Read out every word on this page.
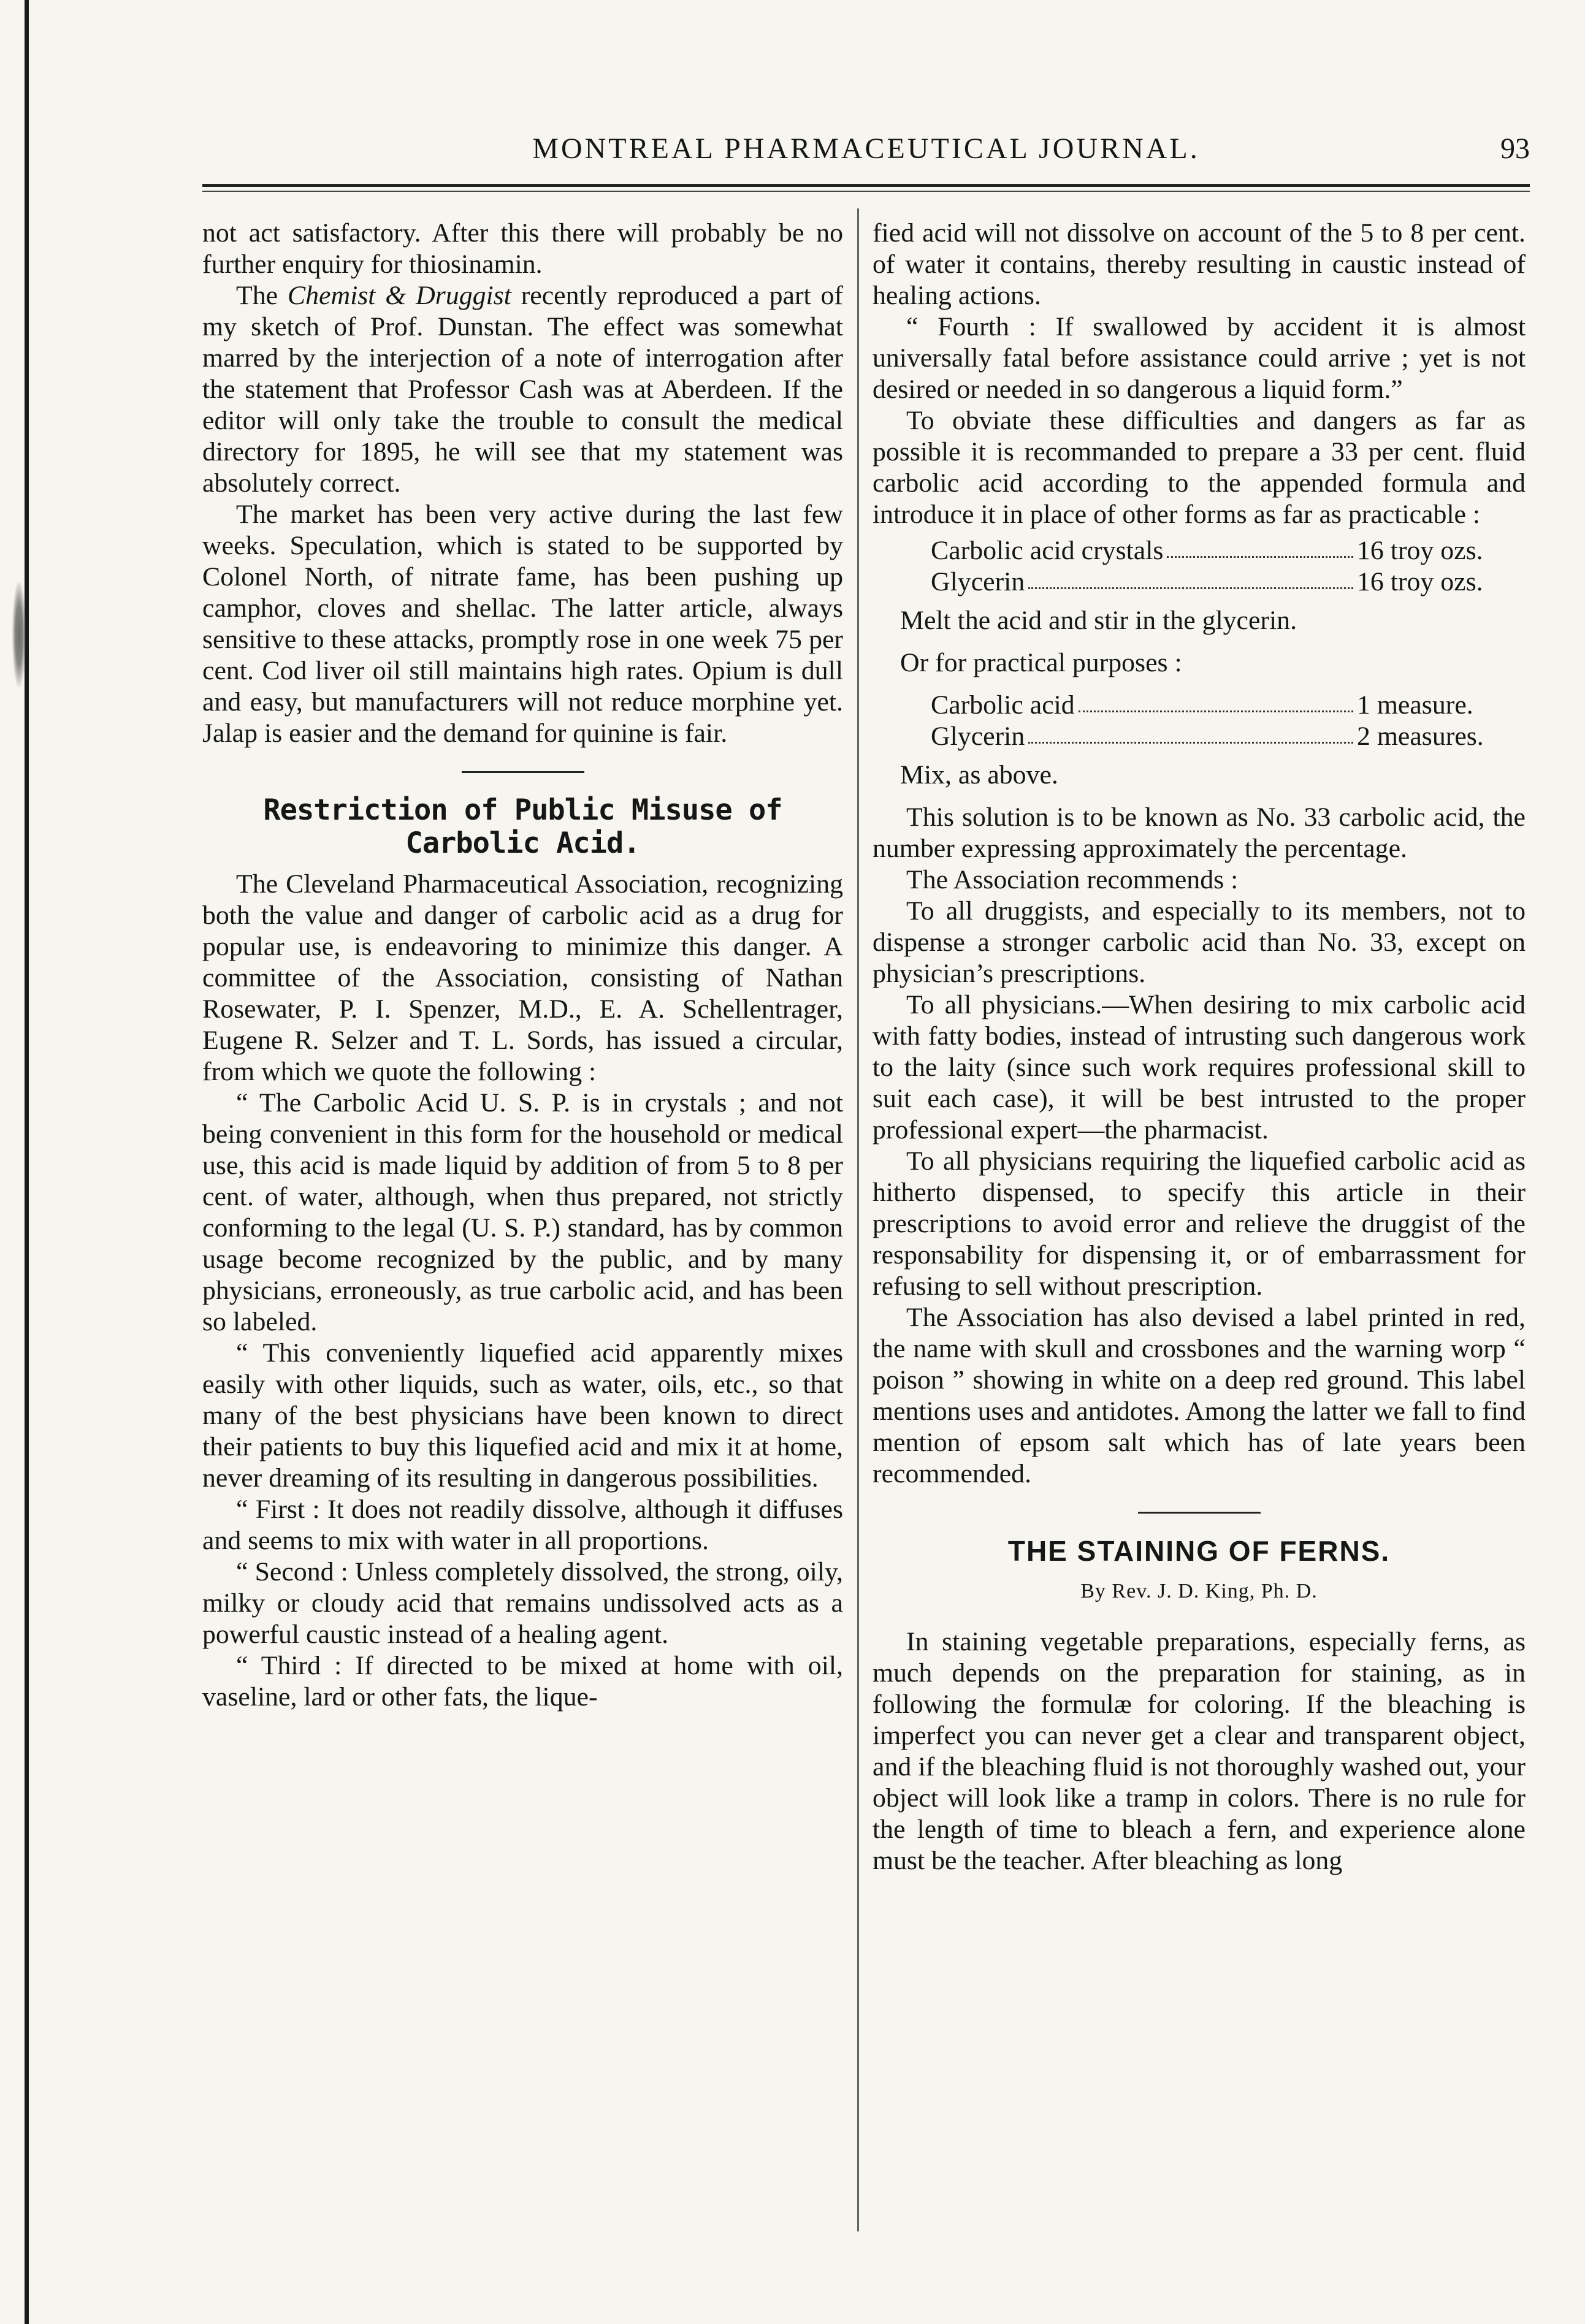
MONTREAL PHARMACEUTICAL JOURNAL.	93

not act satisfactory. After this there will probably be no further enquiry for thiosinamin.

The Chemist & Druggist recently reproduced a part of my sketch of Prof. Dunstan. The effect was somewhat marred by the interjection of a note of interrogation after the statement that Professor Cash was at Aberdeen. If the editor will only take the trouble to consult the medical directory for 1895, he will see that my statement was absolutely correct.

The market has been very active during the last few weeks. Speculation, which is stated to be supported by Colonel North, of nitrate fame, has been pushing up camphor, cloves and shellac. The latter article, always sensitive to these attacks, promptly rose in one week 75 per cent. Cod liver oil still maintains high rates. Opium is dull and easy, but manufacturers will not reduce morphine yet. Jalap is easier and the demand for quinine is fair.

Restriction of Public Misuse of Carbolic Acid.

The Cleveland Pharmaceutical Association, recognizing both the value and danger of carbolic acid as a drug for popular use, is endeavoring to minimize this danger. A committee of the Association, consisting of Nathan Rosewater, P. I. Spenzer, M.D., E. A. Schellentrager, Eugene R. Selzer and T. L. Sords, has issued a circular, from which we quote the following :

“ The Carbolic Acid U. S. P. is in crystals ; and not being convenient in this form for the household or medical use, this acid is made liquid by addition of from 5 to 8 per cent. of water, although, when thus prepared, not strictly conforming to the legal (U. S. P.) standard, has by common usage become recognized by the public, and by many physicians, erroneously, as true carbolic acid, and has been so labeled.

“ This conveniently liquefied acid apparently mixes easily with other liquids, such as water, oils, etc., so that many of the best physicians have been known to direct their patients to buy this liquefied acid and mix it at home, never dreaming of its resulting in dangerous possibilities.

“ First : It does not readily dissolve, although it diffuses and seems to mix with water in all proportions.

“ Second : Unless completely dissolved, the strong, oily, milky or cloudy acid that remains undissolved acts as a powerful caustic instead of a healing agent.

“ Third : If directed to be mixed at home with oil, vaseline, lard or other fats, the lique-

fied acid will not dissolve on account of the 5 to 8 per cent. of water it contains, thereby resulting in caustic instead of healing actions.

“ Fourth : If swallowed by accident it is almost universally fatal before assistance could arrive ; yet is not desired or needed in so dangerous a liquid form.”

To obviate these difficulties and dangers as far as possible it is recommanded to prepare a 33 per cent. fluid carbolic acid according to the appended formula and introduce it in place of other forms as far as practicable :

Carbolic acid crystals	16 troy ozs.
Glycerin	16 troy ozs.

Melt the acid and stir in the glycerin.

Or for practical purposes :

Carbolic acid	1 measure.
Glycerin	2 measures.

Mix, as above.

This solution is to be known as No. 33 carbolic acid, the number expressing approximately the percentage.

The Association recommends :

To all druggists, and especially to its members, not to dispense a stronger carbolic acid than No. 33, except on physician’s prescriptions.

To all physicians.—When desiring to mix carbolic acid with fatty bodies, instead of intrusting such dangerous work to the laity (since such work requires professional skill to suit each case), it will be best intrusted to the proper professional expert—the pharmacist.

To all physicians requiring the liquefied carbolic acid as hitherto dispensed, to specify this article in their prescriptions to avoid error and relieve the druggist of the responsability for dispensing it, or of embarrassment for refusing to sell without prescription.

The Association has also devised a label printed in red, the name with skull and crossbones and the warning worp “ poison ” showing in white on a deep red ground. This label mentions uses and antidotes. Among the latter we fall to find mention of epsom salt which has of late years been recommended.

THE STAINING OF FERNS.
By Rev. J. D. King, Ph. D.

In staining vegetable preparations, especially ferns, as much depends on the preparation for staining, as in following the formulæ for coloring. If the bleaching is imperfect you can never get a clear and transparent object, and if the bleaching fluid is not thoroughly washed out, your object will look like a tramp in colors. There is no rule for the length of time to bleach a fern, and experience alone must be the teacher. After bleaching as long
